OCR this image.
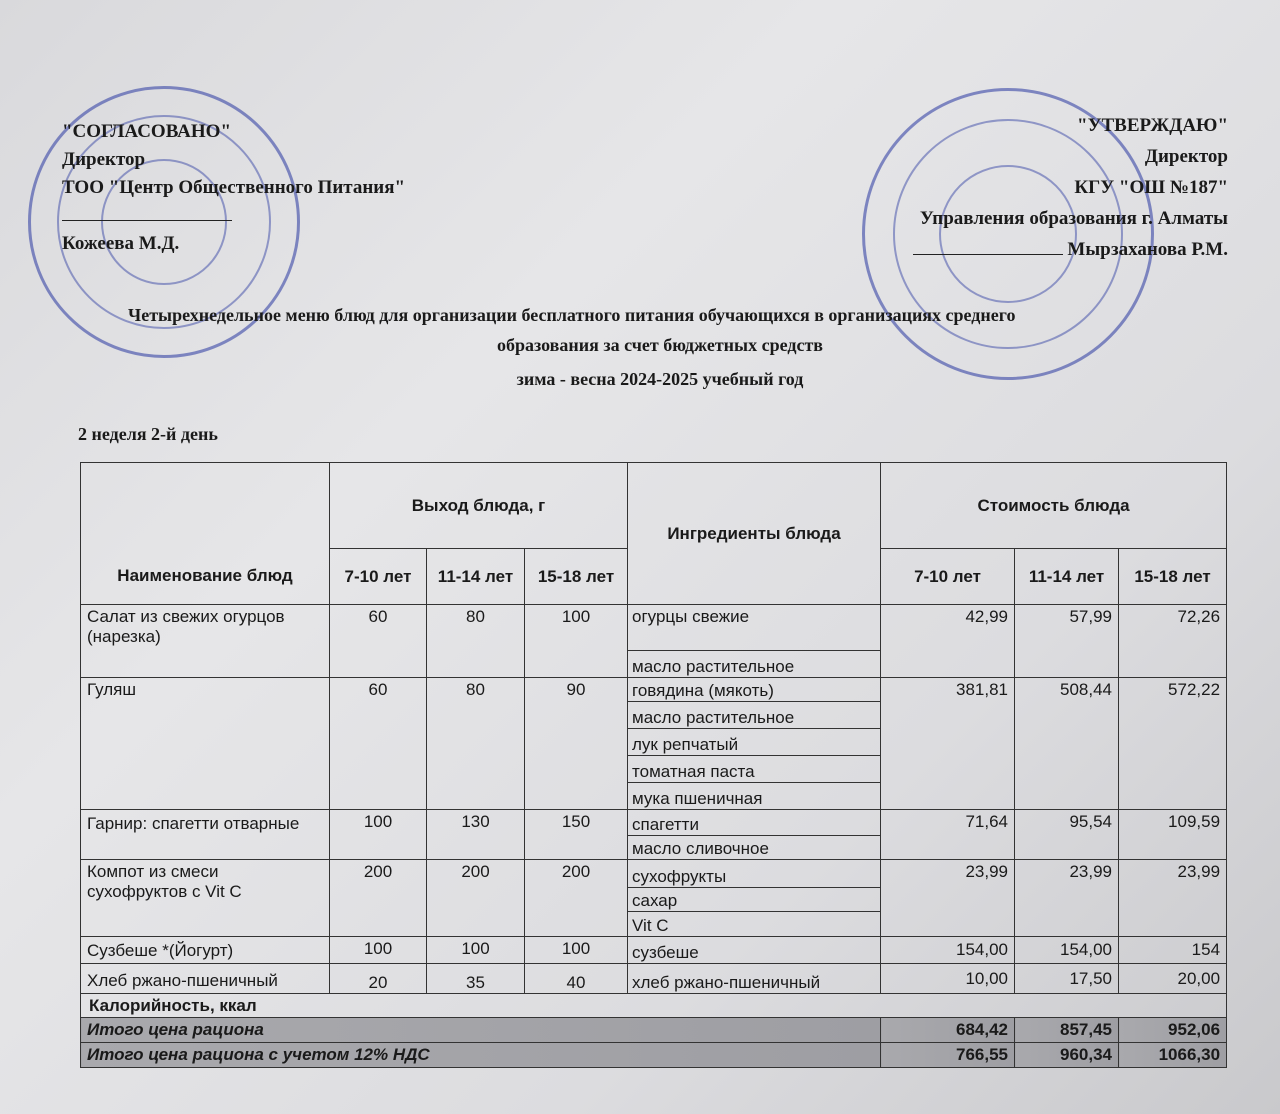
"СОГЛАСОВАНО"
Директор
ТОО "Центр Общественного Питания"
Кожеева М.Д.
"УТВЕРЖДАЮ"
Директор
КГУ "ОШ №187"
Управления образования г. Алматы
Мырзаханова Р.М.
Четырехнедельное меню блюд для организации бесплатного питания обучающихся в организациях среднего
образования за счет бюджетных средств
зима - весна 2024-2025 учебный год
2 неделя 2-й день
Наименование блюд	Выход блюда, г			Ингредиенты блюда	Стоимость блюда		
	7-10 лет	11-14 лет	15-18 лет		7-10 лет	11-14 лет	15-18 лет
Салат из свежих огурцов (нарезка)	60	80	100	огурцы свежие	42,99	57,99	72,26
				масло растительное			
Гуляш	60	80	90	говядина (мякоть)	381,81	508,44	572,22
				масло растительное			
				лук репчатый			
				томатная паста			
				мука пшеничная			
Гарнир: спагетти отварные	100	130	150	спагетти	71,64	95,54	109,59
				масло сливочное			
Компот из смеси сухофруктов с Vit C	200	200	200	сухофрукты	23,99	23,99	23,99
				сахар			
				Vit C			
Сузбеше *(Йогурт)	100	100	100	сузбеше	154,00	154,00	154
Хлеб ржано-пшеничный	20	35	40	хлеб ржано-пшеничный	10,00	17,50	20,00
Калорийность, ккал							
Итого цена рациона					684,42	857,45	952,06
Итого цена рациона с учетом 12% НДС					766,55	960,34	1066,30
